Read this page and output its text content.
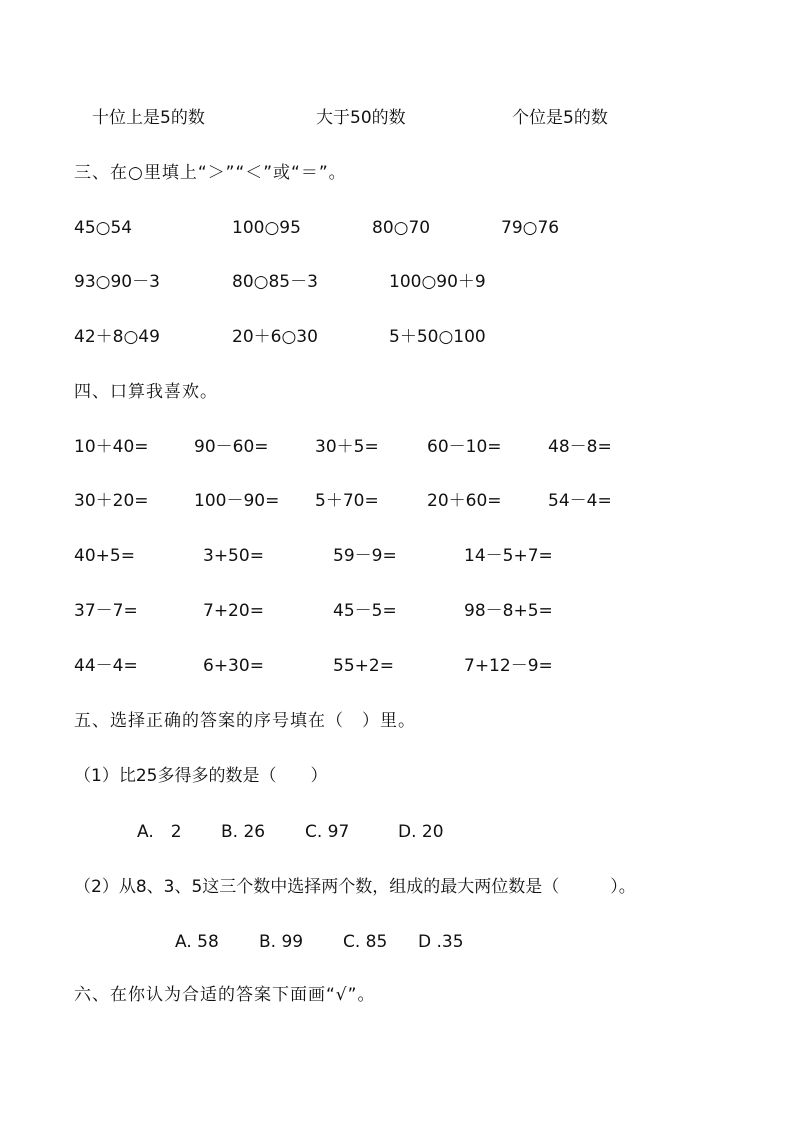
十位上是5的数	大于50的数	个位是5的数
三、在○里填上“＞”“＜”或“＝”。
45○54	100○95	80○70	79○76
93○90－3	80○85－3	100○90＋9
42＋8○49	20＋6○30	5＋50○100
四、口算我喜欢。
10＋40=	90－60=	30＋5=	60－10=	48－8=
30＋20=	100－90= 5＋70=	20＋60=	54－4=
40+5=	3+50=	59－9=	14－5+7=
37－7=	7+20=	45－5=	98－8+5=
44－4=	6+30=	55+2=	7+12－9=
五、选择正确的答案的序号填在（　）里。
（1）比25多得多的数是（　　）
A.　2 B. 26 C. 97	D. 20
（2）从8、3、5这三个数中选择两个数，组成的最大两位数是（　　　）。
A. 58 B. 99 C. 85 D .35
六、在你认为合适的答案下面画“√”。
